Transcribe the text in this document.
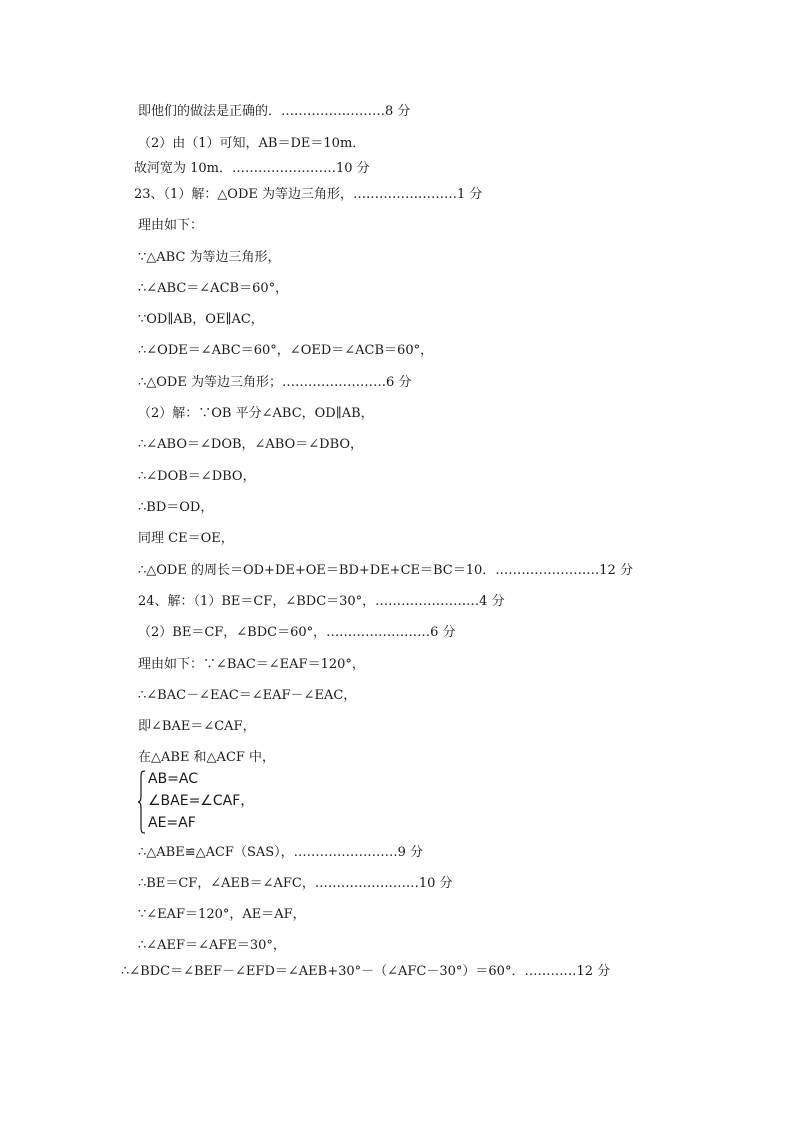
即他们的做法是正确的．……………………8 分
（2）由（1）可知，AB＝DE＝10m．
故河宽为 10m．……………………10 分
23、（1）解：△ODE 为等边三角形，……………………1 分
理由如下：
∵△ABC 为等边三角形，
∴∠ABC＝∠ACB＝60°，
∵OD∥AB，OE∥AC，
∴∠ODE＝∠ABC＝60°，∠OED＝∠ACB＝60°，
∴△ODE 为等边三角形；……………………6 分
（2）解：∵OB 平分∠ABC，OD∥AB，
∴∠ABO＝∠DOB，∠ABO＝∠DBO，
∴∠DOB＝∠DBO，
∴BD＝OD，
同理 CE＝OE，
∴△ODE 的周长＝OD+DE+OE＝BD+DE+CE＝BC＝10．……………………12 分
24、解：（1）BE＝CF，∠BDC＝30°，……………………4 分
（2）BE＝CF，∠BDC＝60°，……………………6 分
理由如下：∵∠BAC＝∠EAF＝120°，
∴∠BAC－∠EAC＝∠EAF－∠EAC，
即∠BAE＝∠CAF，
在△ABE 和△ACF 中，
AB=AC
∠BAE=∠CAF，
AE=AF
∴△ABE≌△ACF（SAS），……………………9 分
∴BE＝CF，∠AEB＝∠AFC，……………………10 分
∵∠EAF＝120°，AE＝AF，
∴∠AEF＝∠AFE＝30°，
∴∠BDC＝∠BEF－∠EFD＝∠AEB+30°－（∠AFC－30°）＝60°．…………12 分
